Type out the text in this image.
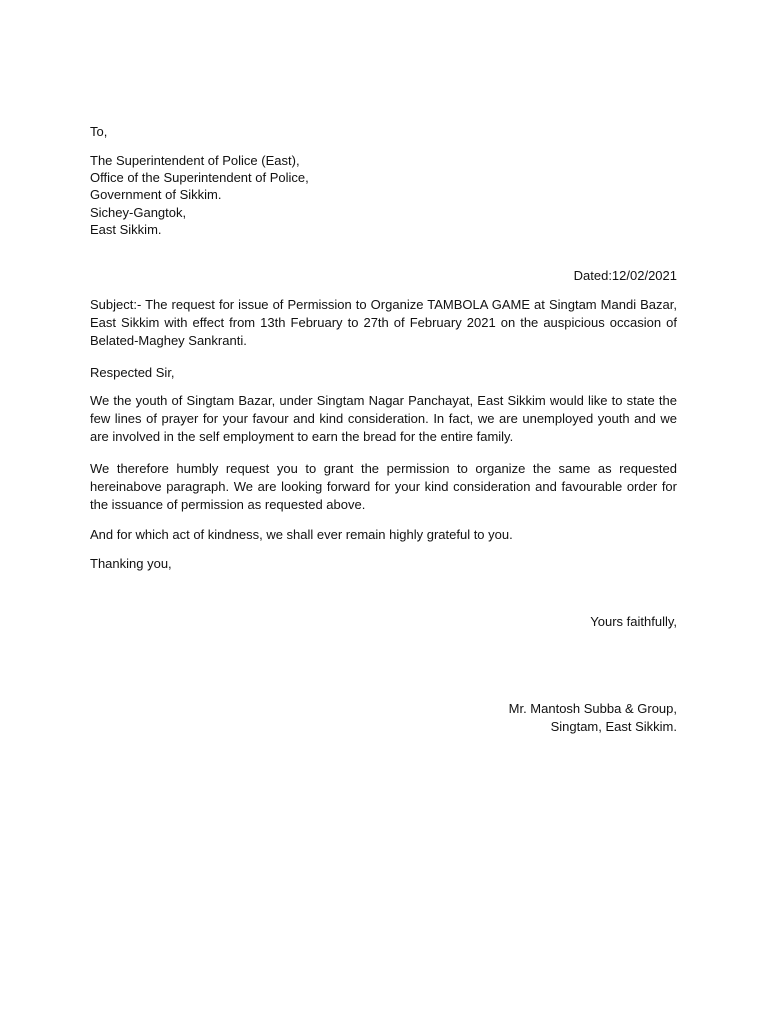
To,
The Superintendent of Police (East),
Office of the Superintendent of Police,
Government of Sikkim.
Sichey-Gangtok,
East Sikkim.
Dated:12/02/2021
Subject:- The request for issue of Permission to Organize TAMBOLA GAME at Singtam Mandi Bazar, East Sikkim with effect from 13th February to 27th of February 2021 on the auspicious occasion of Belated-Maghey Sankranti.
Respected Sir,
We the youth of Singtam Bazar, under Singtam Nagar Panchayat, East Sikkim would like to state the few lines of prayer for your favour and kind consideration. In fact, we are unemployed youth and we are involved in the self employment to earn the bread for the entire family.
We therefore humbly request you to grant the permission to organize the same as requested hereinabove paragraph. We are looking forward for your kind consideration and favourable order for the issuance of permission as requested above.
And for which act of kindness, we shall ever remain highly grateful to you.
Thanking you,
Yours faithfully,
Mr. Mantosh Subba & Group,
Singtam, East Sikkim.
